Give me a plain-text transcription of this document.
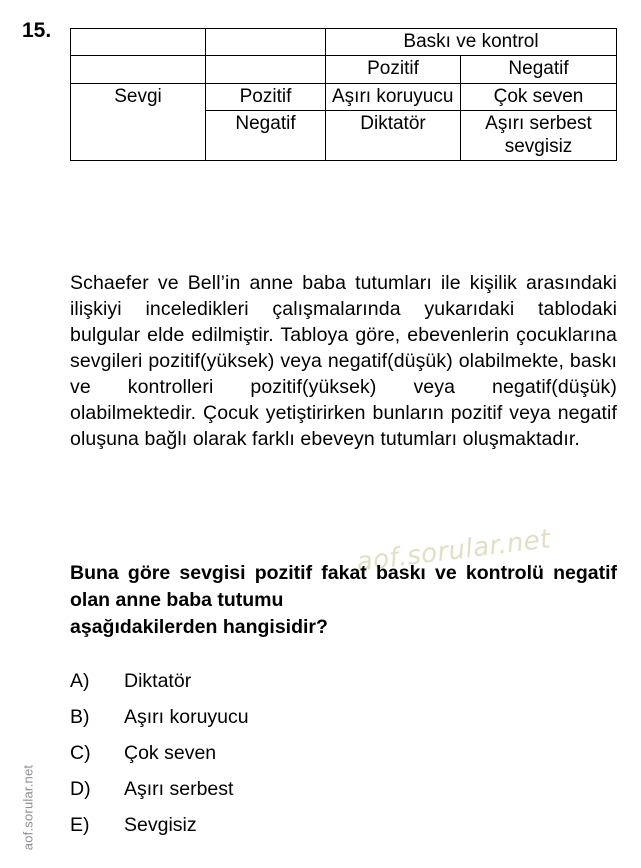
15.
			Baskı ve kontrol	
		Pozitif	Negatif
Sevgi	Pozitif	Aşırı koruyucu	Çok seven
	Negatif	Diktatör	Aşırı serbest sevgisiz

Schaefer ve Bell’in anne baba tutumları ile kişilik arasındaki ilişkiyi inceledikleri çalışmalarında yukarıdaki tablodaki bulgular elde edilmiştir. Tabloya göre, ebevenlerin çocuklarına sevgileri pozitif(yüksek) veya negatif(düşük) olabilmekte, baskı ve kontrolleri pozitif(yüksek) veya negatif(düşük) olabilmektedir. Çocuk yetiştirirken bunların pozitif veya negatif oluşuna bağlı olarak farklı ebeveyn tutumları oluşmaktadır.

aof.sorular.net

Buna göre sevgisi pozitif fakat baskı ve kontrolü negatif olan anne baba tutumu

aşağıdakilerden hangisidir?

A)	Diktatör
B)	Aşırı koruyucu
C)	Çok seven
D)	Aşırı serbest
E)	Sevgisiz
aof.sorular.net
